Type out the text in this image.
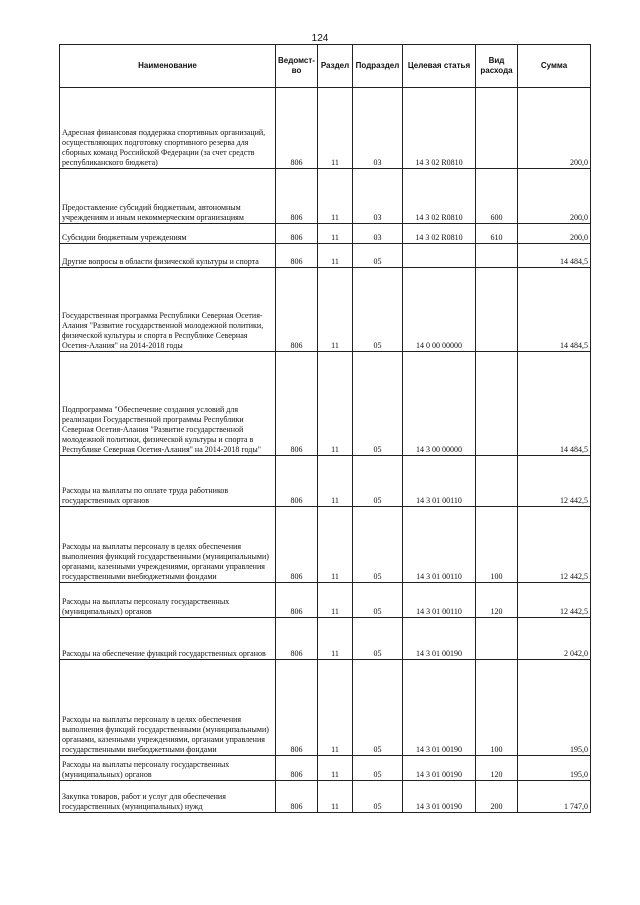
124
Наименование	Ведомст-во	Раздел	Подраздел	Целевая статья	Вид расхода	Сумма
Адресная финансовая поддержка спортивных организаций, осуществляющих подготовку спортивного резерва для сборных команд Российской Федерации (за счет средств республиканского бюджета)	806	11	03	14 3 02 R0810		200,0
Предоставление субсидий бюджетным, автономным учреждениям и иным некоммерческим организациям	806	11	03	14 3 02 R0810	600	200,0
Субсидии бюджетным учреждениям	806	11	03	14 3 02 R0810	610	200,0
Другие вопросы в области физической культуры и спорта	806	11	05			14 484,5
Государственная программа Республики Северная Осетия-Алания "Развитие государственной молодежной политики, физической культуры и спорта в Республике Северная Осетия-Алания" на 2014-2018 годы	806	11	05	14 0 00 00000		14 484,5
Подпрограмма "Обеспечение создания условий для реализации Государственной программы Республики Северная Осетия-Алания "Развитие государственной молодежной политики, физической культуры и спорта в Республике Северная Осетия-Алания" на 2014-2018 годы"	806	11	05	14 3 00 00000		14 484,5
Расходы на выплаты по оплате труда работников государственных органов	806	11	05	14 3 01 00110		12 442,5
Расходы на выплаты персоналу в целях обеспечения выполнения функций государственными (муниципальными) органами, казенными учреждениями, органами управления государственными внебюджетными фондами	806	11	05	14 3 01 00110	100	12 442,5
Расходы на выплаты персоналу государственных (муниципальных) органов	806	11	05	14 3 01 00110	120	12 442,5
Расходы на обеспечение функций государственных органов	806	11	05	14 3 01 00190		2 042,0
Расходы на выплаты персоналу в целях обеспечения выполнения функций государственными (муниципальными) органами, казенными учреждениями, органами управления государственными внебюджетными фондами	806	11	05	14 3 01 00190	100	195,0
Расходы на выплаты персоналу государственных (муниципальных) органов	806	11	05	14 3 01 00190	120	195,0
Закупка товаров, работ и услуг для обеспечения государственных (муниципальных) нужд	806	11	05	14 3 01 00190	200	1 747,0
